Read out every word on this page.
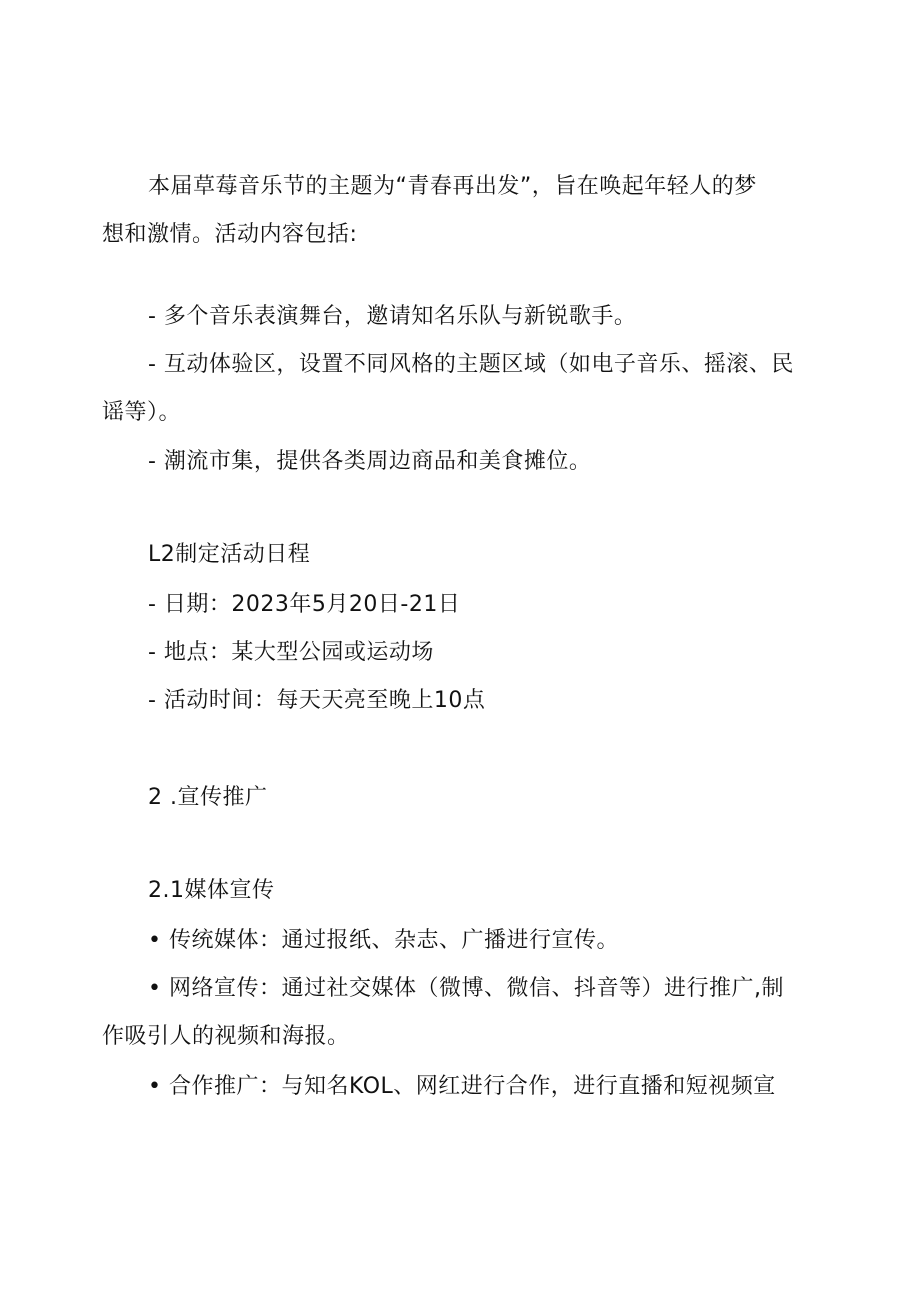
本届草莓音乐节的主题为“青春再出发”，旨在唤起年轻人的梦
想和激情。活动内容包括:
- 多个音乐表演舞台，邀请知名乐队与新锐歌手。
- 互动体验区，设置不同风格的主题区域（如电子音乐、摇滚、民
谣等）。
- 潮流市集，提供各类周边商品和美食摊位。
L2制定活动日程
- 日期：2023年5月20日-21日
- 地点：某大型公园或运动场
- 活动时间：每天天亮至晚上10点
2 .宣传推广
2.1媒体宣传
• 传统媒体：通过报纸、杂志、广播进行宣传。
• 网络宣传：通过社交媒体（微博、微信、抖音等）进行推广,制
作吸引人的视频和海报。
• 合作推广：与知名KOL、网红进行合作，进行直播和短视频宣
